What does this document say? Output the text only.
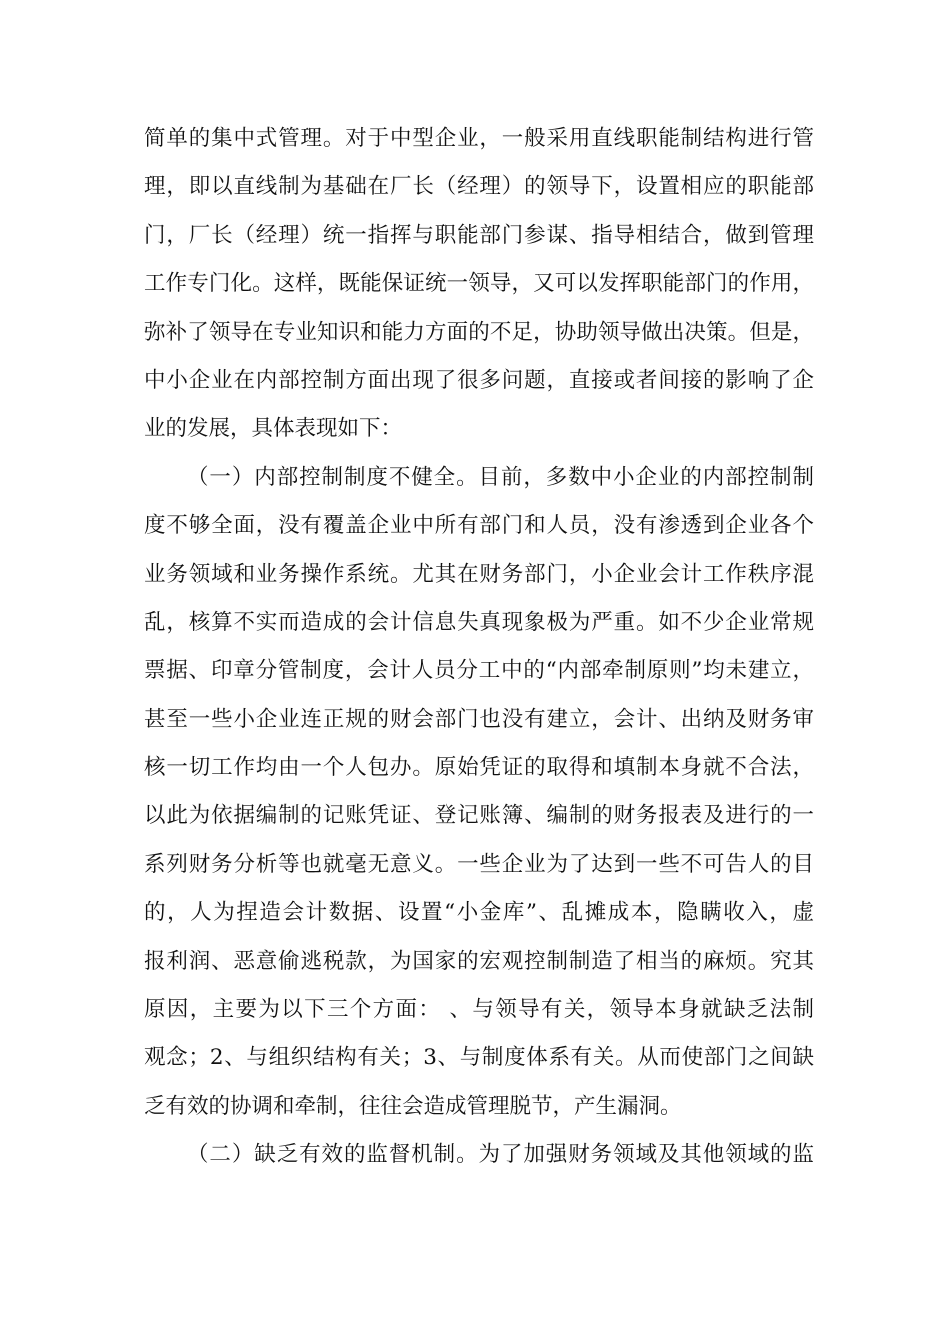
简单的集中式管理。对于中型企业，一般采用直线职能制结构进行管
理，即以直线制为基础在厂长（经理）的领导下，设置相应的职能部
门，厂长（经理）统一指挥与职能部门参谋、指导相结合，做到管理
工作专门化。这样，既能保证统一领导，又可以发挥职能部门的作用，
弥补了领导在专业知识和能力方面的不足，协助领导做出决策。但是，
中小企业在内部控制方面出现了很多问题，直接或者间接的影响了企
业的发展，具体表现如下：
（一）内部控制制度不健全。目前，多数中小企业的内部控制制
度不够全面，没有覆盖企业中所有部门和人员，没有渗透到企业各个
业务领域和业务操作系统。尤其在财务部门，小企业会计工作秩序混
乱，核算不实而造成的会计信息失真现象极为严重。如不少企业常规
票据、印章分管制度，会计人员分工中的“内部牵制原则”均未建立，
甚至一些小企业连正规的财会部门也没有建立，会计、出纳及财务审
核一切工作均由一个人包办。原始凭证的取得和填制本身就不合法，
以此为依据编制的记账凭证、登记账簿、编制的财务报表及进行的一
系列财务分析等也就毫无意义。一些企业为了达到一些不可告人的目
的，人为捏造会计数据、设置“小金库”、乱摊成本，隐瞒收入，虚
报利润、恶意偷逃税款，为国家的宏观控制制造了相当的麻烦。究其
原因，主要为以下三个方面： 、与领导有关，领导本身就缺乏法制
观念；2、与组织结构有关；3、与制度体系有关。从而使部门之间缺
乏有效的协调和牵制，往往会造成管理脱节，产生漏洞。
（二）缺乏有效的监督机制。为了加强财务领域及其他领域的监
